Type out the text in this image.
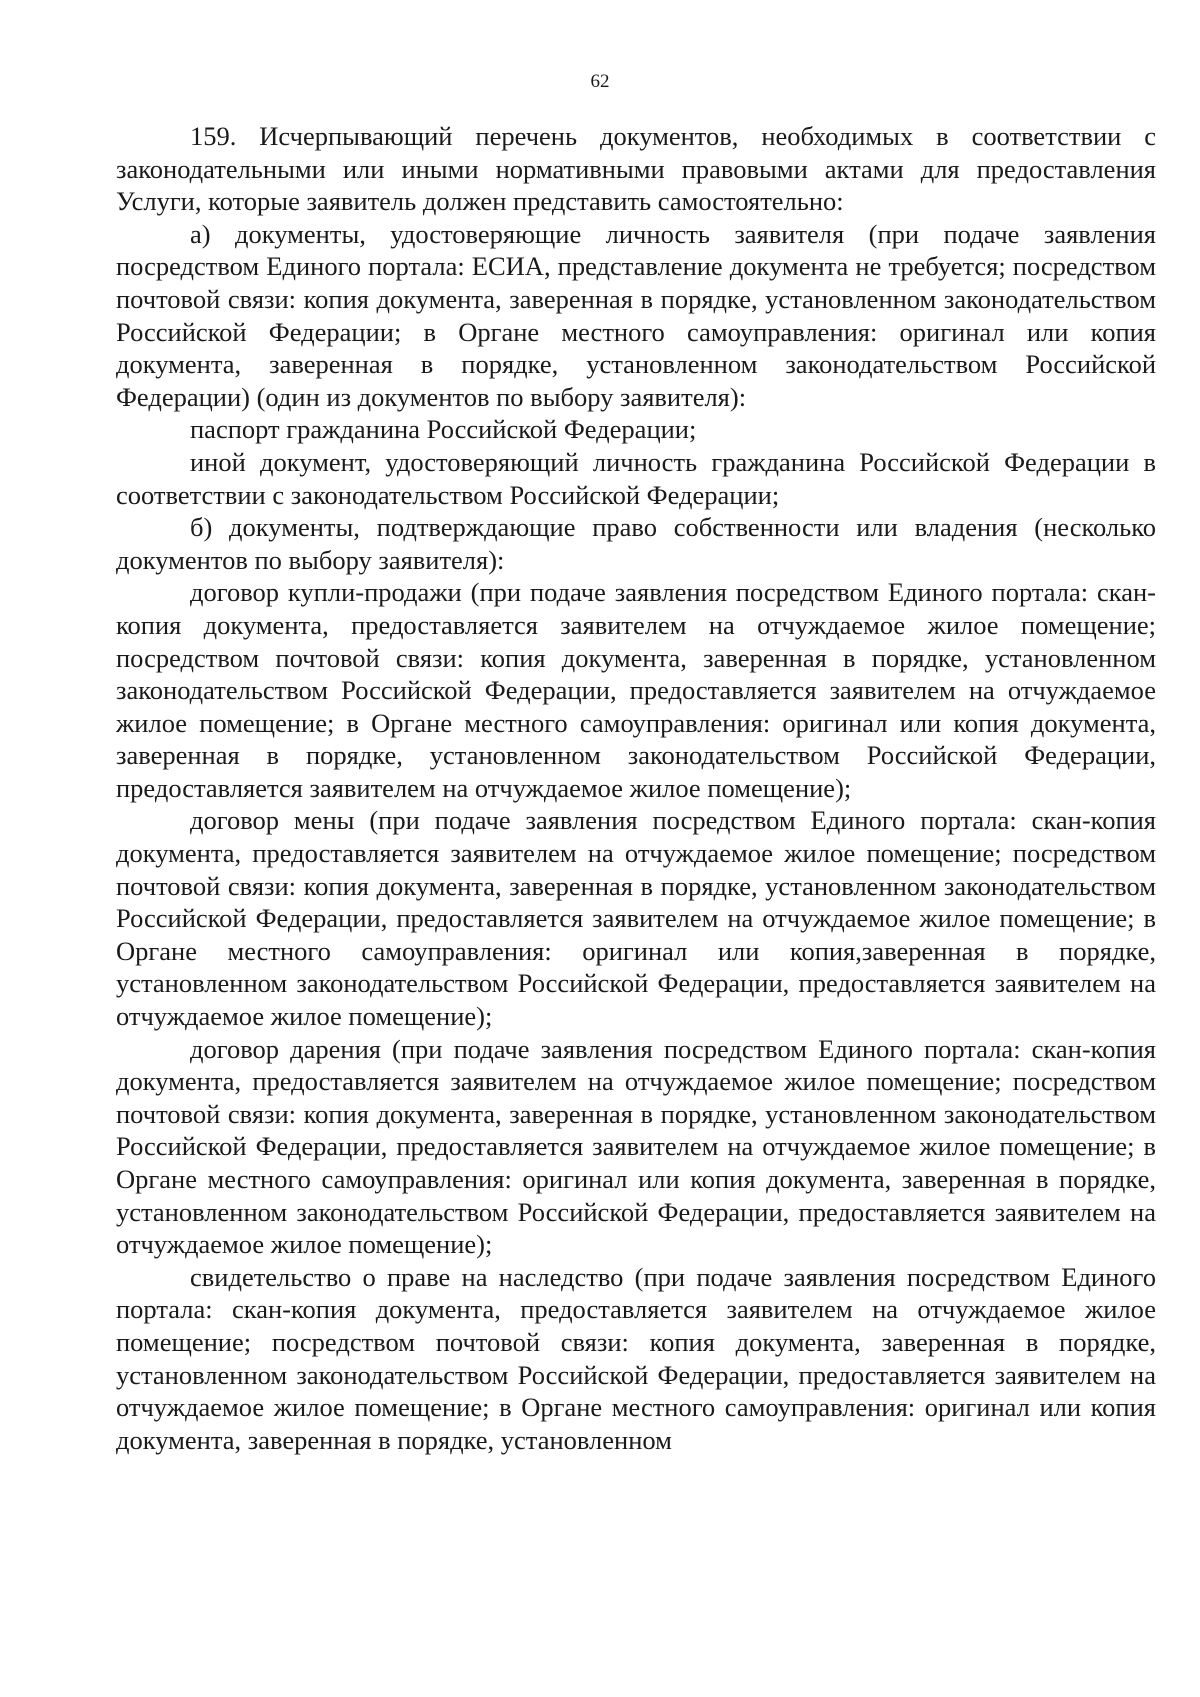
62

159. Исчерпывающий перечень документов, необходимых в соответствии с законодательными или иными нормативными правовыми актами для предоставления Услуги, которые заявитель должен представить самостоятельно:

а) документы, удостоверяющие личность заявителя (при подаче заявления посредством Единого портала: ЕСИА, представление документа не требуется; посредством почтовой связи: копия документа, заверенная в порядке, установленном законодательством Российской Федерации; в Органе местного самоуправления: оригинал или копия документа, заверенная в порядке, установленном законодательством Российской Федерации) (один из документов по выбору заявителя):

паспорт гражданина Российской Федерации;

иной документ, удостоверяющий личность гражданина Российской Федерации в соответствии с законодательством Российской Федерации;

б) документы, подтверждающие право собственности или владения (несколько документов по выбору заявителя):

договор купли-продажи (при подаче заявления посредством Единого портала: скан-копия документа, предоставляется заявителем на отчуждаемое жилое помещение; посредством почтовой связи: копия документа, заверенная в порядке, установленном законодательством Российской Федерации, предоставляется заявителем на отчуждаемое жилое помещение; в Органе местного самоуправления: оригинал или копия документа, заверенная в порядке, установленном законодательством Российской Федерации, предоставляется заявителем на отчуждаемое жилое помещение);

договор мены (при подаче заявления посредством Единого портала: скан-копия документа, предоставляется заявителем на отчуждаемое жилое помещение; посредством почтовой связи: копия документа, заверенная в порядке, установленном законодательством Российской Федерации, предоставляется заявителем на отчуждаемое жилое помещение; в Органе местного самоуправления: оригинал или копия,заверенная в порядке, установленном законодательством Российской Федерации, предоставляется заявителем на отчуждаемое жилое помещение);

договор дарения (при подаче заявления посредством Единого портала: скан-копия документа, предоставляется заявителем на отчуждаемое жилое помещение; посредством почтовой связи: копия документа, заверенная в порядке, установленном законодательством Российской Федерации, предоставляется заявителем на отчуждаемое жилое помещение; в Органе местного самоуправления: оригинал или копия документа, заверенная в порядке, установленном законодательством Российской Федерации, предоставляется заявителем на отчуждаемое жилое помещение);

свидетельство о праве на наследство (при подаче заявления посредством Единого портала: скан-копия документа, предоставляется заявителем на отчуждаемое жилое помещение; посредством почтовой связи: копия документа, заверенная в порядке, установленном законодательством Российской Федерации, предоставляется заявителем на отчуждаемое жилое помещение; в Органе местного самоуправления: оригинал или копия документа, заверенная в порядке, установленном
